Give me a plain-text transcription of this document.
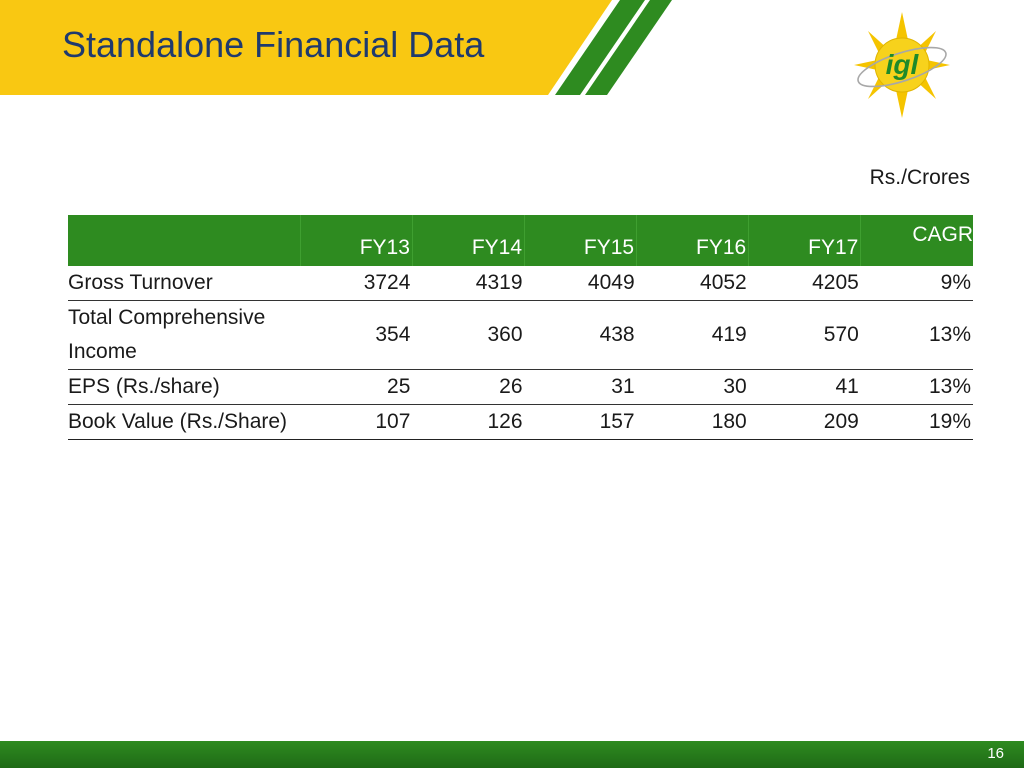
Standalone Financial Data	igl
Rs./Crores
	FY13	FY14	FY15	FY16	FY17	CAGR
Gross Turnover	3724	4319	4049	4052	4205	9%
Total Comprehensive Income	354	360	438	419	570	13%
EPS (Rs./share)	25	26	31	30	41	13%
Book Value (Rs./Share)	107	126	157	180	209	19%
16
